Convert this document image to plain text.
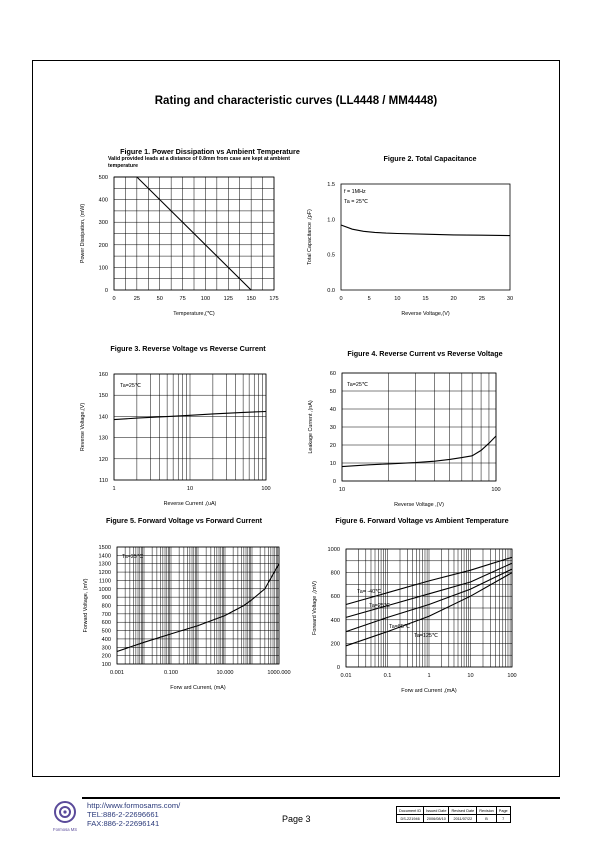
Rating and characteristic curves (LL4448 / MM4448)
Figure 1. Power Dissipation vs Ambient Temperature
Valid provided leads at a distance of 0.8mm from case are kept at ambient temperature
Figure 2. Total Capacitance
Figure 3. Reverse Voltage vs Reverse Current
Figure 4. Reverse Current vs Reverse Voltage
Figure 5. Forward Voltage vs Forward Current	Figure 6. Forward Voltage vs Ambient Temperature
0	25	50	75	100 125 150 175
0
100
200
300
400
500
Temperature,(℃)
Power Dissipation, (mW)
0	5	10	15	20	25	30
0.0
0.5
1.0
1.5
Reverse Voltage,(V)
Total Capacitance ,(pF)
f = 1MHz
Ta = 25℃
1	10	100
110
120
130
140
150
160
Reverse Current ,(uA)
Reverse Voltage,(V)
Ta=25℃
10	100
0
10
20
30
40
50
60
Reverse Voltage ,(V)
Leakage Current ,(nA)
Ta=25℃
0.001	0.100	10.000	1000.000
100
200
300
400
500
600
700
800
900
1000
1100
1200
1300
1400
1500
Forw ard Current, (mA)
Forward Voltage, (mV)
Ta=25℃
0.01	0.1	1	10	100
0
200
400
600
800
1000
Forw ard Current ,(mA)
Forward Voltage ,(mV)	Ta= -40℃
Ta=25℃
Ta=85℃
Ta=125℃
Formosa MS
http://www.formosams.com/
TEL:886-2-22696661
FAX:886-2-22696141	Page 3
Document ID	Issued Date	Revised Date	Revision	Page
DS-221946	2006/08/10	2011/07/22	B	7
